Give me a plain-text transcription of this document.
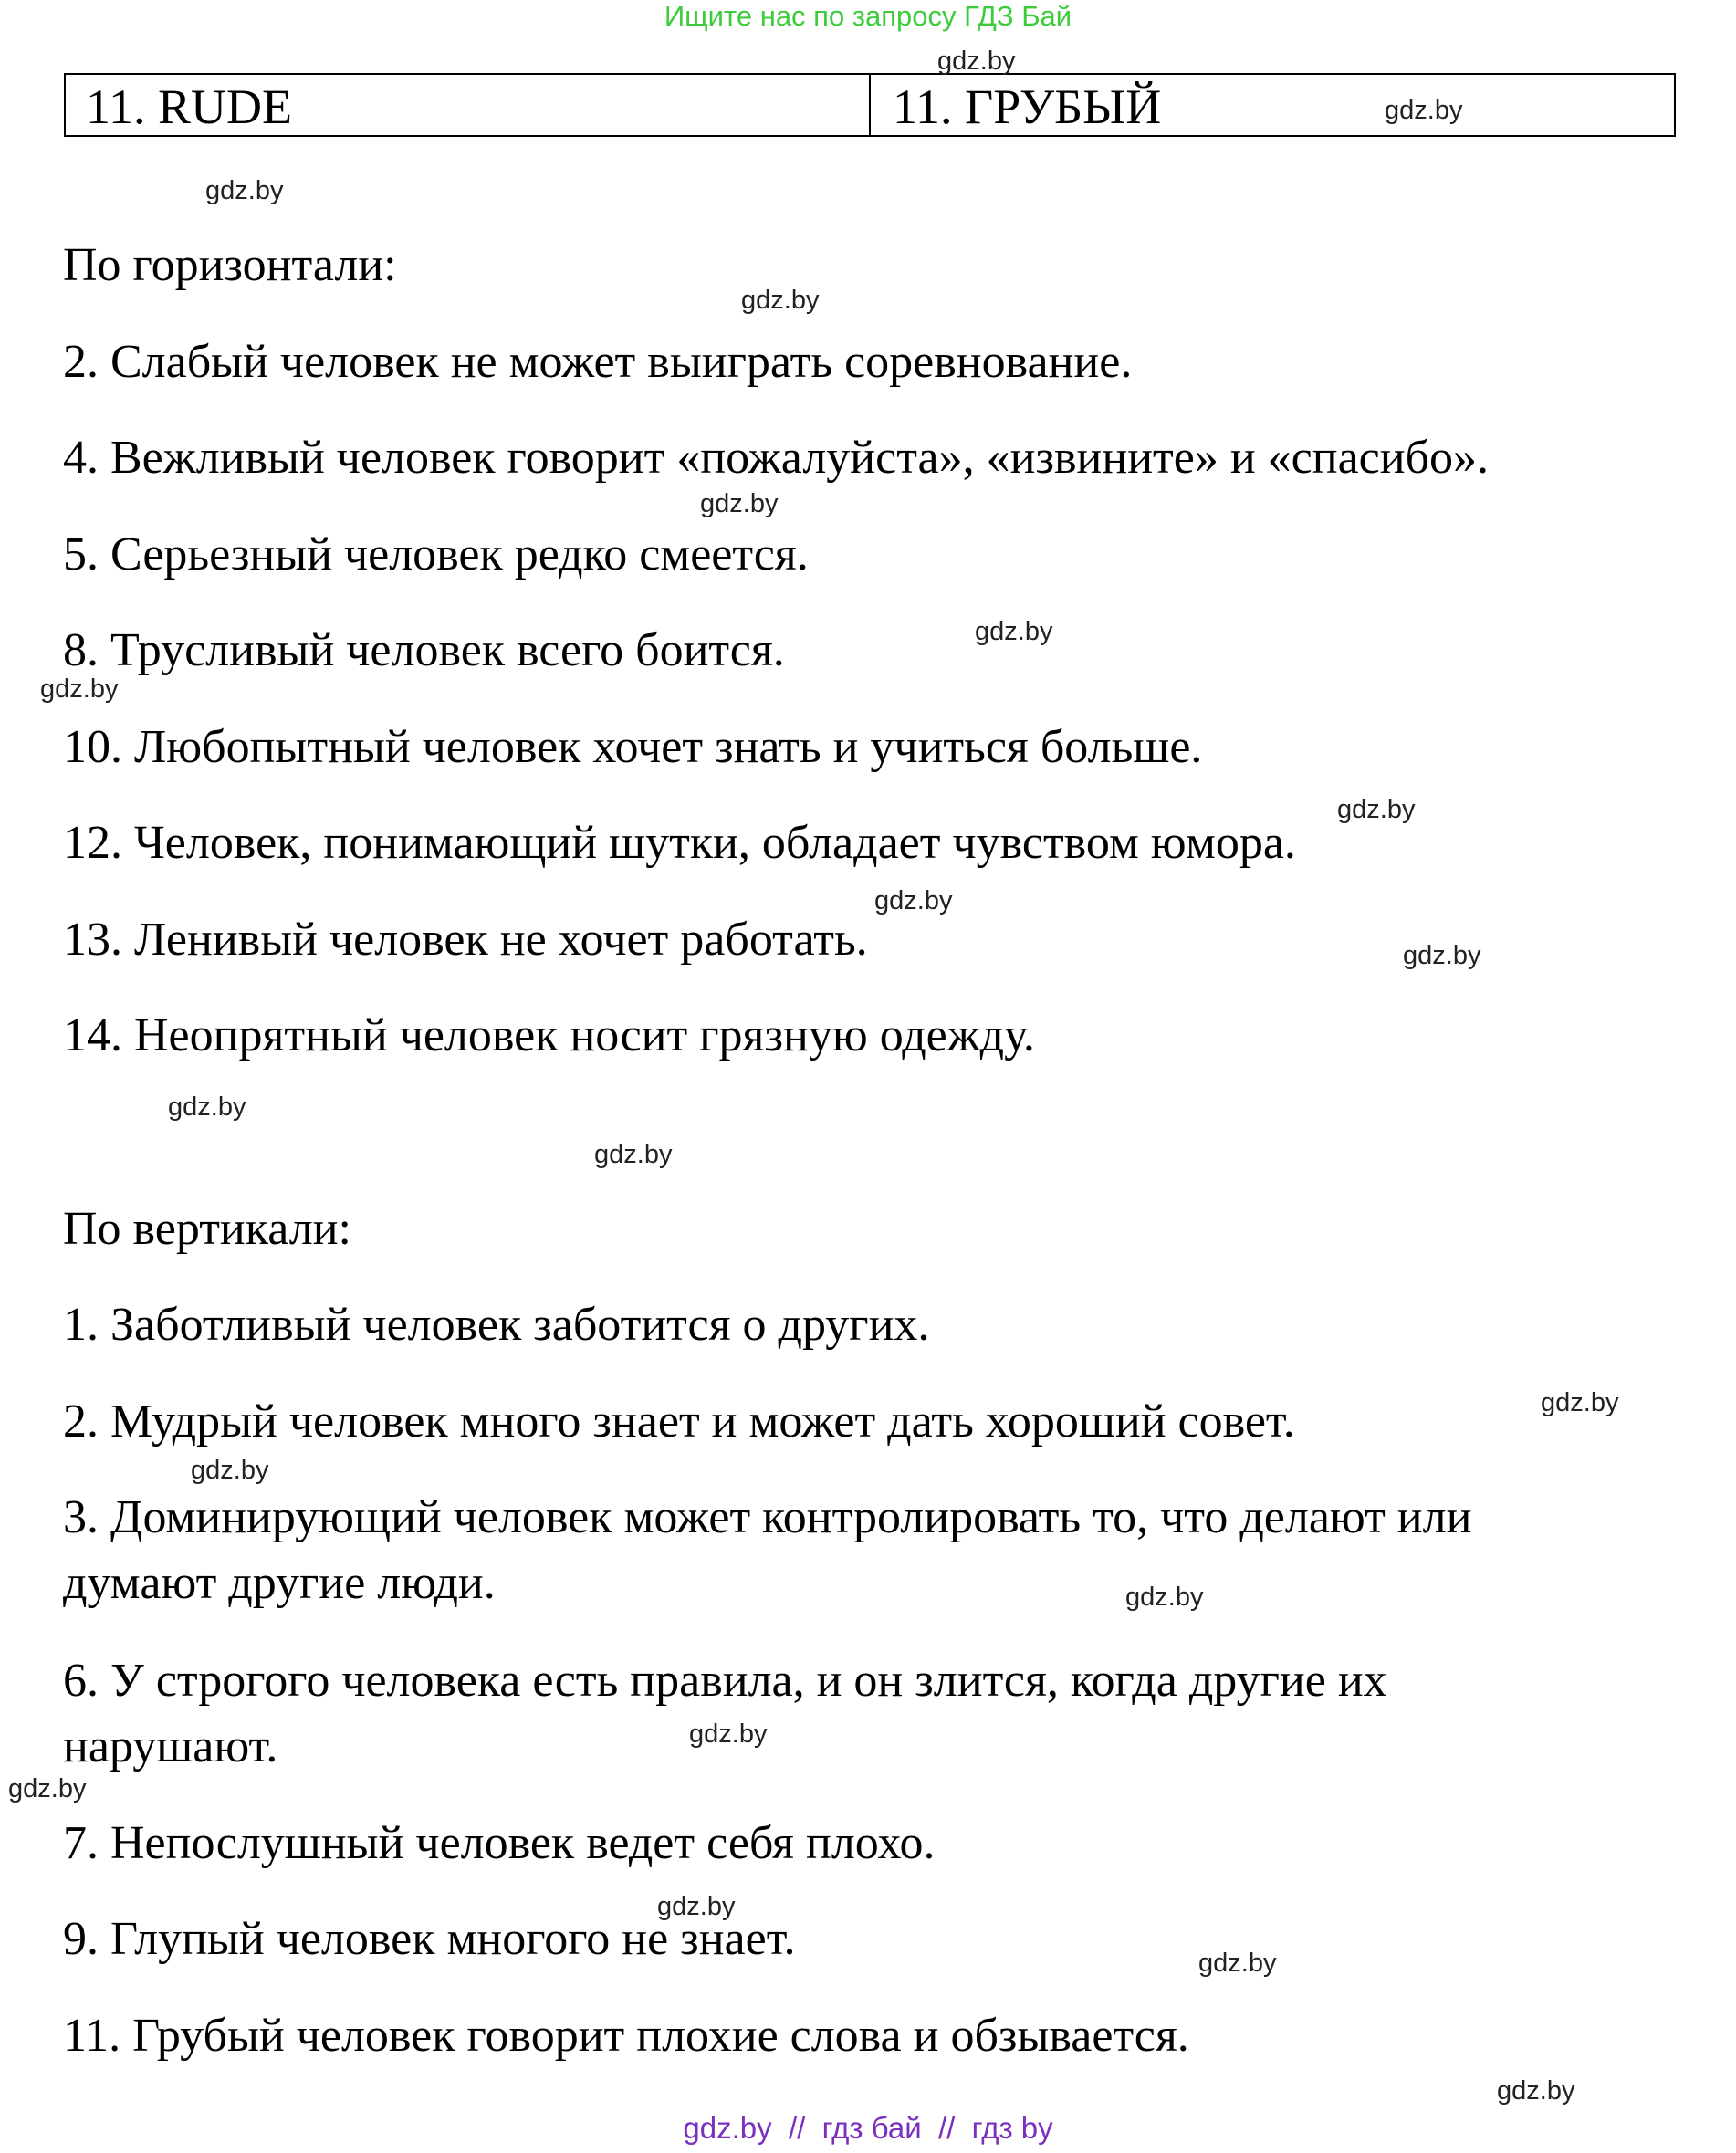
Ищите нас по запросу ГДЗ Бай
11. RUDE	11. ГРУБЫЙ
По горизонтали:
2. Слабый человек не может выиграть соревнование.
4. Вежливый человек говорит «пожалуйста», «извините» и «спасибо».
5. Серьезный человек редко смеется.
8. Трусливый человек всего боится.
10. Любопытный человек хочет знать и учиться больше.
12. Человек, понимающий шутки, обладает чувством юмора.
13. Ленивый человек не хочет работать.
14. Неопрятный человек носит грязную одежду.
По вертикали:
1. Заботливый человек заботится о других.
2. Мудрый человек много знает и может дать хороший совет.
3. Доминирующий человек может контролировать то, что делают или
думают другие люди.
6. У строгого человека есть правила, и он злится, когда другие их
нарушают.
7. Непослушный человек ведет себя плохо.
9. Глупый человек многого не знает.
11. Грубый человек говорит плохие слова и обзывается.
gdz.by
gdz.by
gdz.by
gdz.by
gdz.by
gdz.by
gdz.by
gdz.by
gdz.by
gdz.by
gdz.by
gdz.by
gdz.by
gdz.by
gdz.by
gdz.by
gdz.by
gdz.by
gdz.by
gdz.by
gdz.by  //  гдз бай  //  гдз by
